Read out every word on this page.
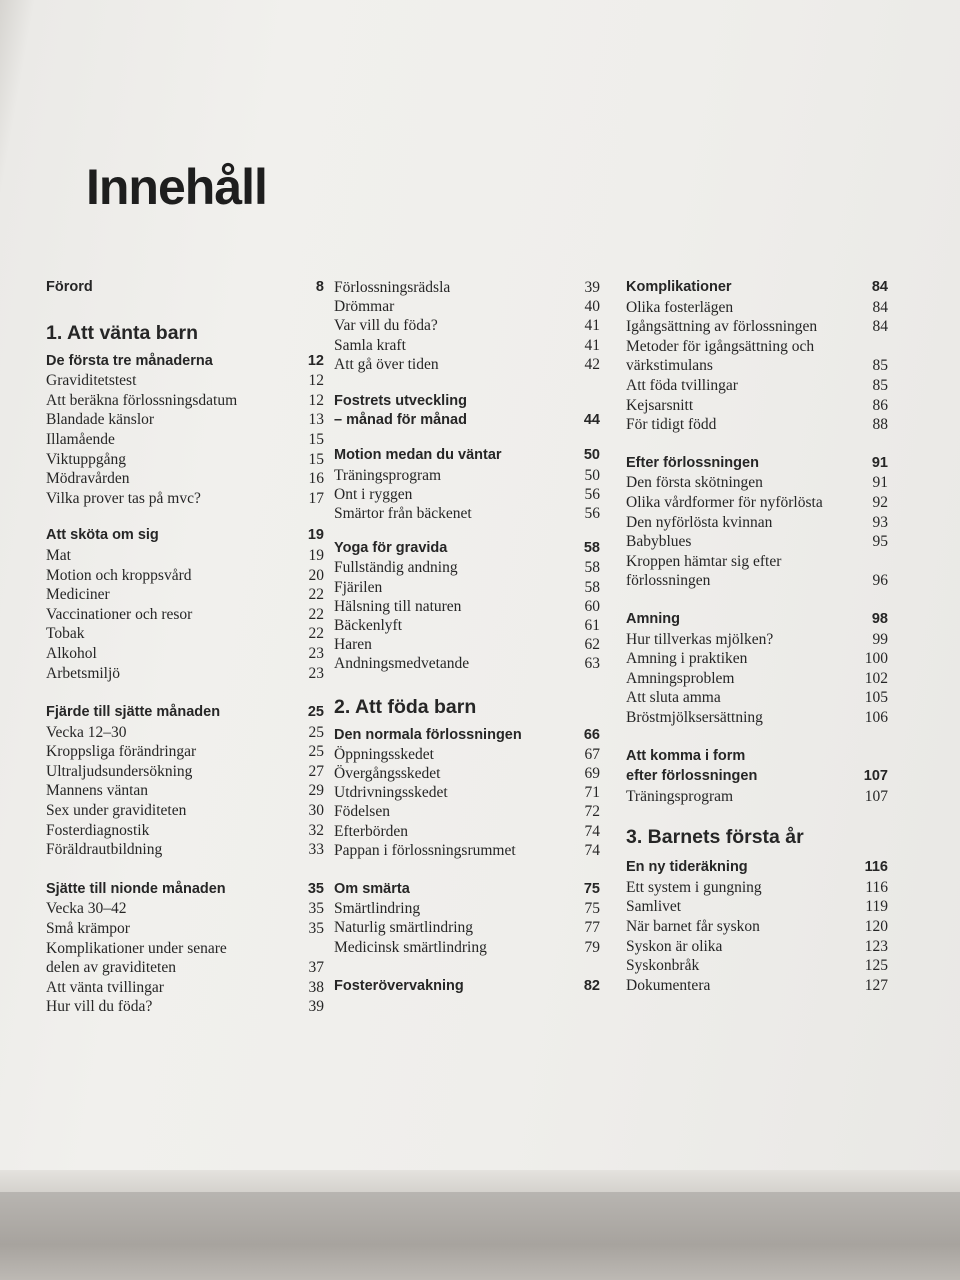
Innehåll
Förord	8
1. Att vänta barn
De första tre månaderna	12
Graviditetstest	12
Att beräkna förlossningsdatum	12
Blandade känslor	13
Illamående	15
Viktuppgång	15
Mödravården	16
Vilka prover tas på mvc?	17
Att sköta om sig	19
Mat	19
Motion och kroppsvård	20
Mediciner	22
Vaccinationer och resor	22
Tobak	22
Alkohol	23
Arbetsmiljö	23
Fjärde till sjätte månaden	25
Vecka 12–30	25
Kroppsliga förändringar	25
Ultraljudsundersökning	27
Mannens väntan	29
Sex under graviditeten	30
Fosterdiagnostik	32
Föräldrautbildning	33
Sjätte till nionde månaden	35
Vecka 30–42	35
Små krämpor	35
Komplikationer under senare
delen av graviditeten	37
Att vänta tvillingar	38
Hur vill du föda?	39
Förlossningsrädsla	39
Drömmar	40
Var vill du föda?	41
Samla kraft	41
Att gå över tiden	42
Fostrets utveckling
– månad för månad	44
Motion medan du väntar	50
Träningsprogram	50
Ont i ryggen	56
Smärtor från bäckenet	56
Yoga för gravida	58
Fullständig andning	58
Fjärilen	58
Hälsning till naturen	60
Bäckenlyft	61
Haren	62
Andningsmedvetande	63
2. Att föda barn
Den normala förlossningen	66
Öppningsskedet	67
Övergångsskedet	69
Utdrivningsskedet	71
Födelsen	72
Efterbörden	74
Pappan i förlossningsrummet	74
Om smärta	75
Smärtlindring	75
Naturlig smärtlindring	77
Medicinsk smärtlindring	79
Fosterövervakning	82
Komplikationer	84
Olika fosterlägen	84
Igångsättning av förlossningen	84
Metoder för igångsättning och
värkstimulans	85
Att föda tvillingar	85
Kejsarsnitt	86
För tidigt född	88
Efter förlossningen	91
Den första skötningen	91
Olika vårdformer för nyförlösta	92
Den nyförlösta kvinnan	93
Babyblues	95
Kroppen hämtar sig efter
förlossningen	96
Amning	98
Hur tillverkas mjölken?	99
Amning i praktiken	100
Amningsproblem	102
Att sluta amma	105
Bröstmjölksersättning	106
Att komma i form
efter förlossningen	107
Träningsprogram	107
3. Barnets första år
En ny tideräkning	116
Ett system i gungning	116
Samlivet	119
När barnet får syskon	120
Syskon är olika	123
Syskonbråk	125
Dokumentera	127
